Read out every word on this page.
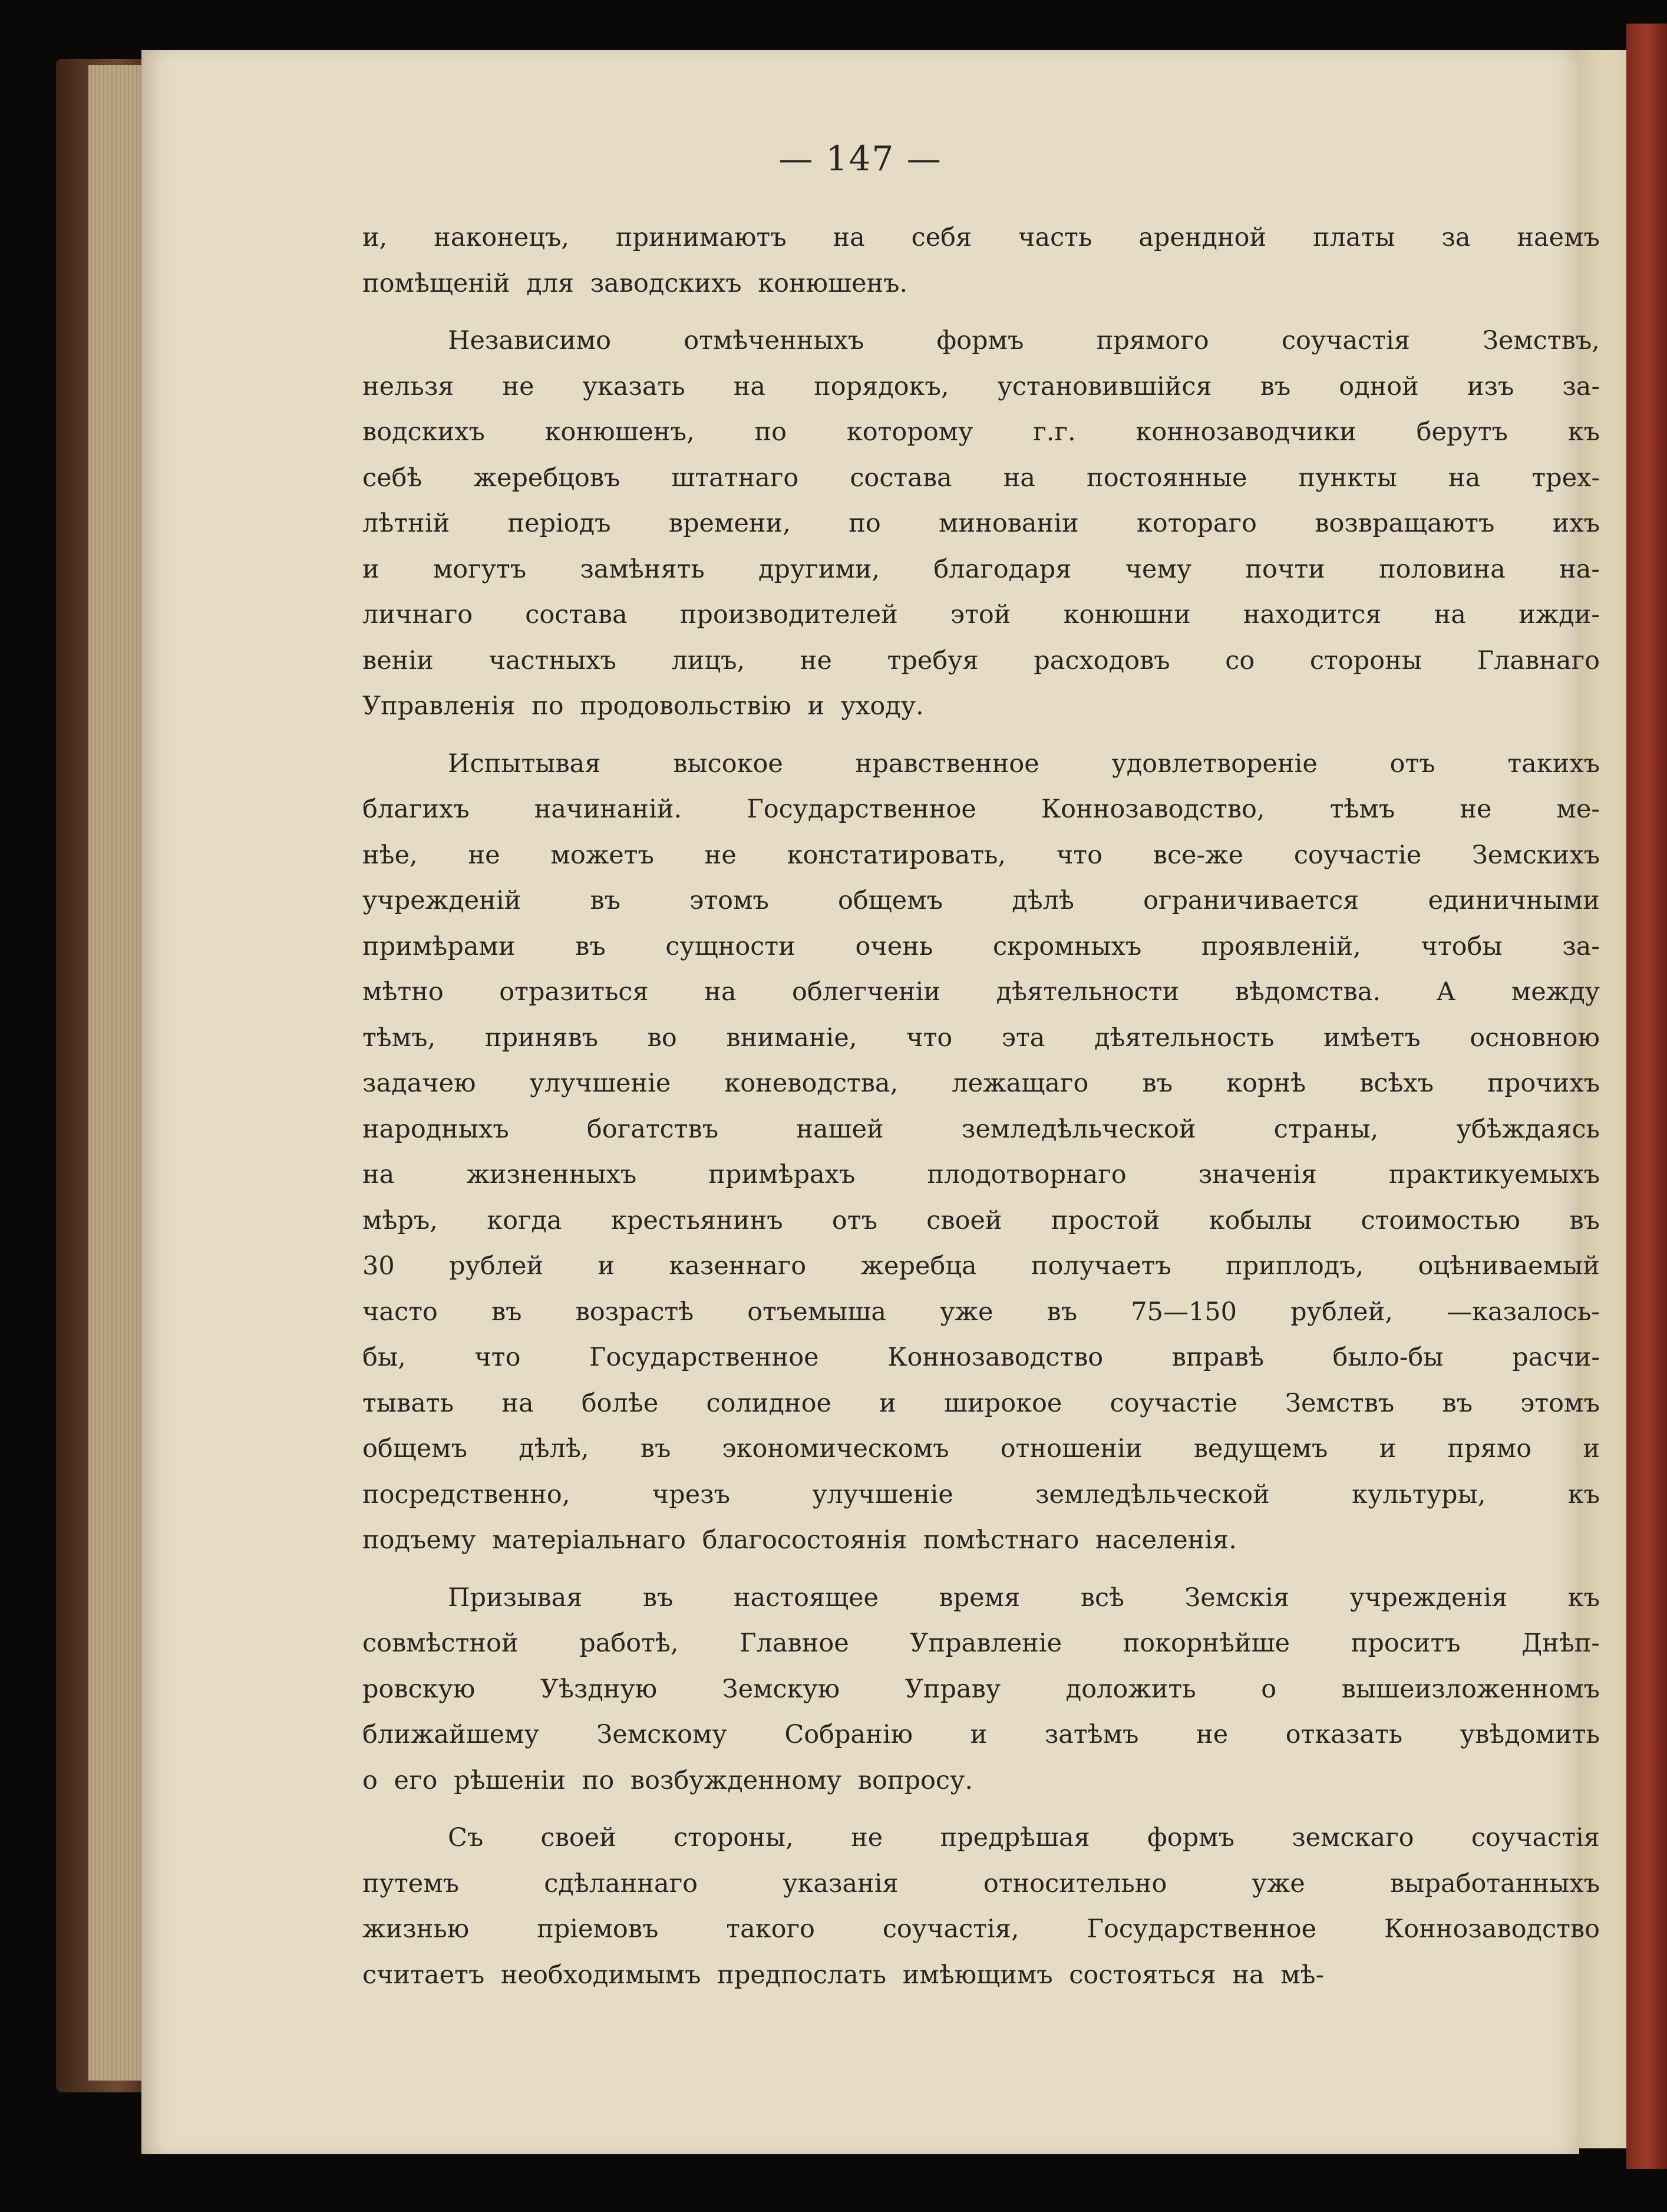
— 147 —
и, наконецъ, принимаютъ на себя часть арендной платы за наемъ
помѣщеній для заводскихъ конюшенъ.
Независимо	отмѣченныхъ	формъ	прямого	соучастія	Земствъ,
нельзя не указать на порядокъ, установившійся въ одной изъ за-
водскихъ конюшенъ, по которому г.г. коннозаводчики берутъ къ
себѣ жеребцовъ штатнаго состава на постоянные пункты на трех-
лѣтній періодъ времени, по минованіи котораго возвращаютъ ихъ
и могутъ замѣнять другими, благодаря чему почти половина на-
личнаго состава производителей этой конюшни находится на ижди-
веніи частныхъ лицъ, не требуя расходовъ со стороны Главнаго
Управленія по продовольствію и уходу.
Испытывая	высокое	нравственное	удовлетвореніе	отъ	такихъ
благихъ	начинаній.	Государственное	Коннозаводство,	тѣмъ	не	ме-
нѣе, не можетъ не констатировать, что все-же соучастіе Земскихъ
учрежденій	въ	этомъ	общемъ	дѣлѣ	ограничивается	единичными
примѣрами въ сущности очень скромныхъ проявленій, чтобы за-
мѣтно отразиться на облегченіи дѣятельности вѣдомства. А между
тѣмъ, принявъ во вниманіе, что эта дѣятельность имѣетъ основною
задачею улучшеніе коневодства, лежащаго въ корнѣ всѣхъ прочихъ
народныхъ	богатствъ	нашей	земледѣльческой	страны,	убѣждаясь
на	жизненныхъ	примѣрахъ	плодотворнаго	значенія	практикуемыхъ
мѣръ, когда крестьянинъ отъ своей простой кобылы стоимостью въ
30 рублей и казеннаго жеребца получаетъ приплодъ, оцѣниваемый
часто въ возрастѣ отъемыша уже въ 75—150 рублей, —казалось-
бы,	что	Государственное	Коннозаводство	вправѣ	было-бы	расчи-
тывать на болѣе солидное и широкое соучастіе Земствъ въ этомъ
общемъ дѣлѣ, въ экономическомъ отношеніи ведущемъ и прямо и
посредственно,	чрезъ	улучшеніе	земледѣльческой	культуры,	къ
подъему матеріальнаго благосостоянія помѣстнаго населенія.
Призывая въ настоящее время всѣ Земскія учрежденія къ
совмѣстной работѣ, Главное Управленіе покорнѣйше проситъ Днѣп-
ровскую	Уѣздную	Земскую	Управу	доложить	о	вышеизложенномъ
ближайшему Земскому Собранію и затѣмъ не отказать увѣдомить
о его рѣшеніи по возбужденному вопросу.
Съ своей стороны, не предрѣшая формъ земскаго соучастія
путемъ	сдѣланнаго	указанія	относительно	уже	выработанныхъ
жизнью	пріемовъ	такого	соучастія,	Государственное	Коннозаводство
считаетъ необходимымъ предпослать имѣющимъ состояться на мѣ-
